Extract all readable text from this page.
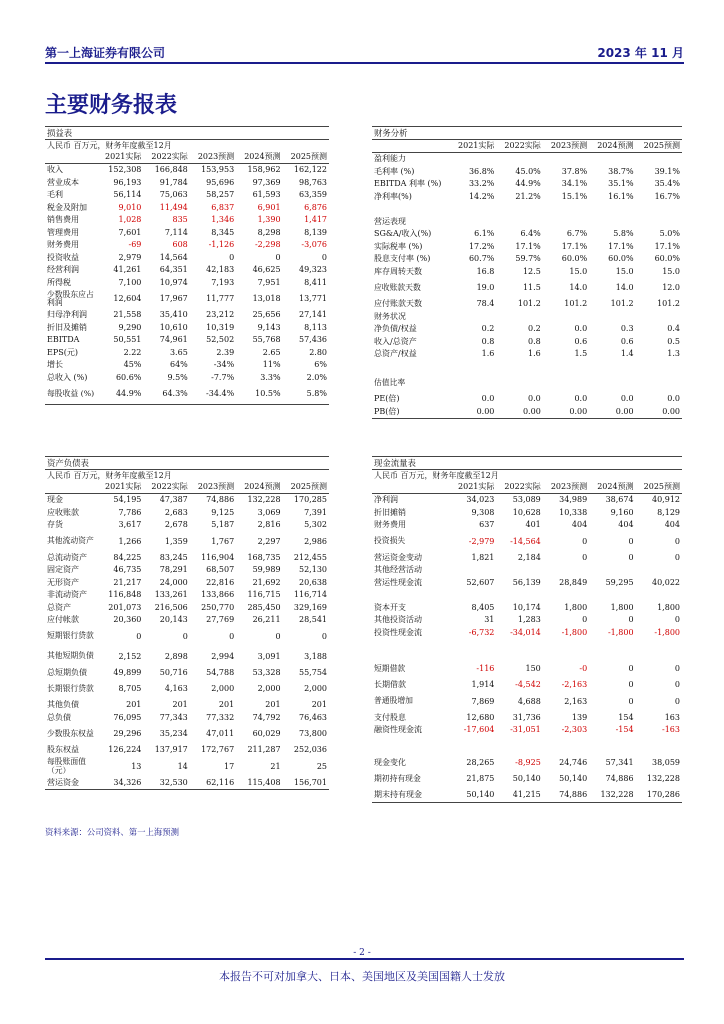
第一上海证券有限公司	2023 年 11 月
主要财务报表
损益表
人民币 百万元，财务年度截至12月
	2021实际	2022实际	2023预测	2024预测	2025预测
收入	152,308	166,848	153,953	158,962	162,122
营业成本	96,193	91,784	95,696	97,369	98,763
毛利	56,114	75,063	58,257	61,593	63,359
税金及附加	9,010	11,494	6,837	6,901	6,876
销售费用	1,028	835	1,346	1,390	1,417
管理费用	7,601	7,114	8,345	8,298	8,139
财务费用	-69	608	-1,126	-2,298	-3,076
投资收益	2,979	14,564	0	0	0
经营利润	41,261	64,351	42,183	46,625	49,323
所得税	7,100	10,974	7,193	7,951	8,411
少数股东应占利润	12,604	17,967	11,777	13,018	13,771
归母净利润	21,558	35,410	23,212	25,656	27,141
折旧及摊销	9,290	10,610	10,319	9,143	8,113
EBITDA	50,551	74,961	52,502	55,768	57,436
EPS(元)	2.22	3.65	2.39	2.65	2.80
增长	45%	64%	-34%	11%	6%
总收入 (%)	60.6%	9.5%	-7.7%	3.3%	2.0%
每股收益 (%)	44.9%	64.3%	-34.4%	10.5%	5.8%
财务分析
	2021实际	2022实际	2023预测	2024预测	2025预测
盈利能力					
毛利率 (%)	36.8%	45.0%	37.8%	38.7%	39.1%
EBITDA 利率 (%)	33.2%	44.9%	34.1%	35.1%	35.4%
净利率(%)	14.2%	21.2%	15.1%	16.1%	16.7%

营运表现					
SG&A/收入(%)	6.1%	6.4%	6.7%	5.8%	5.0%
实际税率 (%)	17.2%	17.1%	17.1%	17.1%	17.1%
股息支付率 (%)	60.7%	59.7%	60.0%	60.0%	60.0%
库存周转天数	16.8	12.5	15.0	15.0	15.0
应收账款天数	19.0	11.5	14.0	14.0	12.0
应付账款天数	78.4	101.2	101.2	101.2	101.2
财务状况					
净负债/权益	0.2	0.2	0.0	0.3	0.4
收入/总资产	0.8	0.8	0.6	0.6	0.5
总资产/权益	1.6	1.6	1.5	1.4	1.3

估值比率					
PE(倍)	0.0	0.0	0.0	0.0	0.0
PB(倍)	0.00	0.00	0.00	0.00	0.00
资产负债表
人民币 百万元，财务年度截至12月
	2021实际	2022实际	2023预测	2024预测	2025预测
现金	54,195	47,387	74,886	132,228	170,285
应收账款	7,786	2,683	9,125	3,069	7,391
存货	3,617	2,678	5,187	2,816	5,302
其他流动资产	1,266	1,359	1,767	2,297	2,986
总流动资产	84,225	83,245	116,904	168,735	212,455
固定资产	46,735	78,291	68,507	59,989	52,130
无形资产	21,217	24,000	22,816	21,692	20,638
非流动资产	116,848	133,261	133,866	116,715	116,714
总资产	201,073	216,506	250,770	285,450	329,169
应付帐款	20,360	20,143	27,769	26,211	28,541
短期银行贷款	0	0	0	0	0
其他短期负债	2,152	2,898	2,994	3,091	3,188
总短期负债	49,899	50,716	54,788	53,328	55,754
长期银行贷款	8,705	4,163	2,000	2,000	2,000
其他负债	201	201	201	201	201
总负债	76,095	77,343	77,332	74,792	76,463
少数股东权益	29,296	35,234	47,011	60,029	73,800
股东权益	126,224	137,917	172,767	211,287	252,036
每股账面值（元）	13	14	17	21	25
营运资金	34,326	32,530	62,116	115,408	156,701
现金流量表
人民币 百万元，财务年度截至12月
	2021实际	2022实际	2023预测	2024预测	2025预测
净利润	34,023	53,089	34,989	38,674	40,912
折旧摊销	9,308	10,628	10,338	9,160	8,129
财务费用	637	401	404	404	404
投资损失	-2,979	-14,564	0	0	0
营运资金变动	1,821	2,184	0	0	0
其他经营活动					
营运性现金流	52,607	56,139	28,849	59,295	40,022

资本开支	8,405	10,174	1,800	1,800	1,800
其他投资活动	31	1,283	0	0	0
投资性现金流	-6,732	-34,014	-1,800	-1,800	-1,800

短期借款	-116	150	-0	0	0
长期借款	1,914	-4,542	-2,163	0	0
普通股增加	7,869	4,688	2,163	0	0
支付股息	12,680	31,736	139	154	163
融资性现金流	-17,604	-31,051	-2,303	-154	-163

现金变化	28,265	-8,925	24,746	57,341	38,059
期初持有现金	21,875	50,140	50,140	74,886	132,228
期末持有现金	50,140	41,215	74,886	132,228	170,286
资料来源：公司资料、第一上海预测
- 2 -
本报告不可对加拿大、日本、美国地区及美国国籍人士发放
